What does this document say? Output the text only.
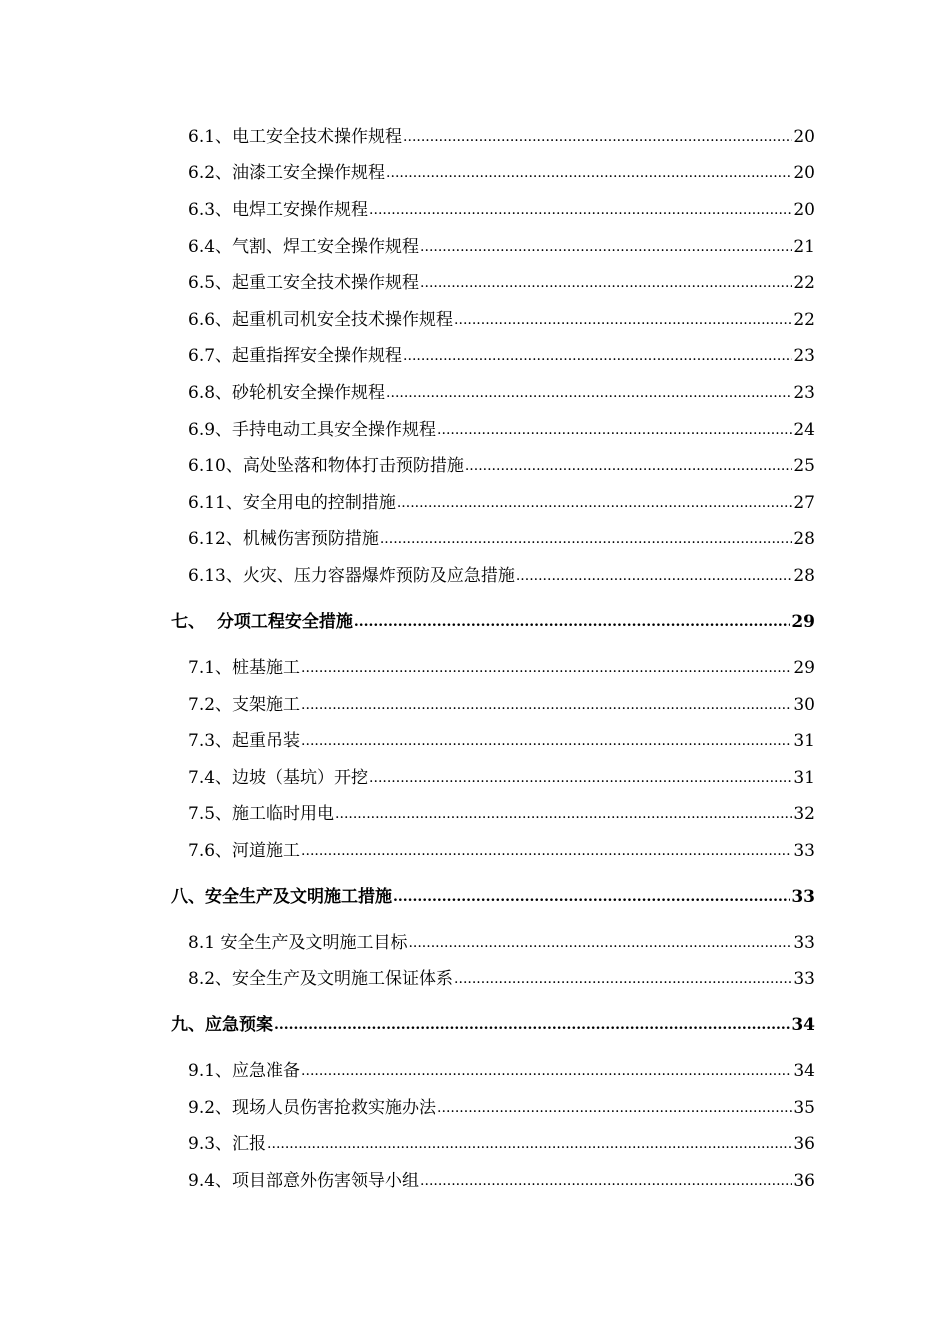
6.1、电工安全技术操作规程 .....	20
6.2、油漆工安全操作规程 .....	20
6.3、电焊工安操作规程 .....	20
6.4、气割、焊工安全操作规程 .....	21
6.5、起重工安全技术操作规程 .....	22
6.6、起重机司机安全技术操作规程 .....	22
6.7、起重指挥安全操作规程 .....	23
6.8、砂轮机安全操作规程 .....	23
6.9、手持电动工具安全操作规程 .....	24
6.10、高处坠落和物体打击预防措施 .....	25
6.11、安全用电的控制措施 .....	27
6.12、机械伤害预防措施 .....	28
6.13、火灾、压力容器爆炸预防及应急措施 .....	28
七、  分项工程安全措施 .....	29
7.1、桩基施工 .....	29
7.2、支架施工 .....	30
7.3、起重吊装 .....	31
7.4、边坡（基坑）开挖 .....	31
7.5、施工临时用电 .....	32
7.6、河道施工 .....	33
八、安全生产及文明施工措施 .....	33
8.1 安全生产及文明施工目标 .....	33
8.2、安全生产及文明施工保证体系 .....	33
九、应急预案 .....	34
9.1、应急准备 .....	34
9.2、现场人员伤害抢救实施办法 .....	35
9.3、汇报 .....	36
9.4、项目部意外伤害领导小组 .....	36
